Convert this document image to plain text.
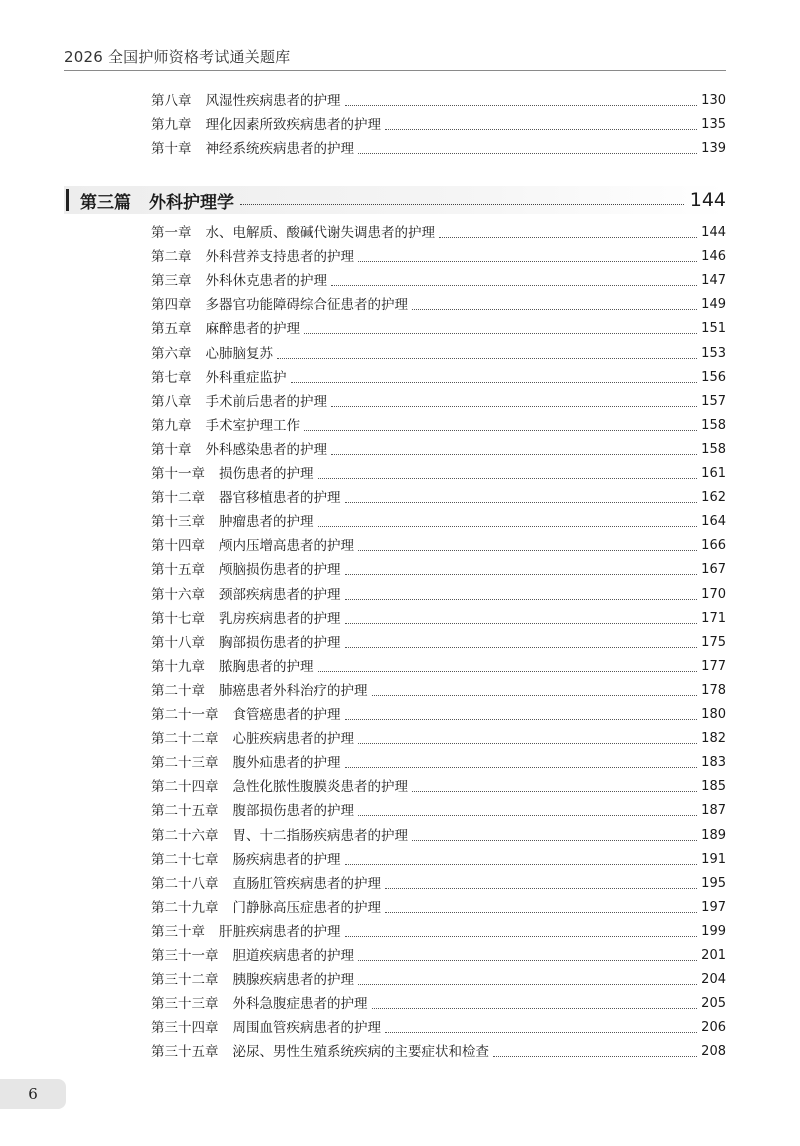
2026 全国护师资格考试通关题库
第八章 风湿性疾病患者的护理	130
第九章 理化因素所致疾病患者的护理	135
第十章 神经系统疾病患者的护理	139
第三篇 外科护理学	144
第一章 水、电解质、酸碱代谢失调患者的护理	144
第二章 外科营养支持患者的护理	146
第三章 外科休克患者的护理	147
第四章 多器官功能障碍综合征患者的护理	149
第五章 麻醉患者的护理	151
第六章 心肺脑复苏	153
第七章 外科重症监护	156
第八章 手术前后患者的护理	157
第九章 手术室护理工作	158
第十章 外科感染患者的护理	158
第十一章 损伤患者的护理	161
第十二章 器官移植患者的护理	162
第十三章 肿瘤患者的护理	164
第十四章 颅内压增高患者的护理	166
第十五章 颅脑损伤患者的护理	167
第十六章 颈部疾病患者的护理	170
第十七章 乳房疾病患者的护理	171
第十八章 胸部损伤患者的护理	175
第十九章 脓胸患者的护理	177
第二十章 肺癌患者外科治疗的护理	178
第二十一章 食管癌患者的护理	180
第二十二章 心脏疾病患者的护理	182
第二十三章 腹外疝患者的护理	183
第二十四章 急性化脓性腹膜炎患者的护理	185
第二十五章 腹部损伤患者的护理	187
第二十六章 胃、十二指肠疾病患者的护理	189
第二十七章 肠疾病患者的护理	191
第二十八章 直肠肛管疾病患者的护理	195
第二十九章 门静脉高压症患者的护理	197
第三十章 肝脏疾病患者的护理	199
第三十一章 胆道疾病患者的护理	201
第三十二章 胰腺疾病患者的护理	204
第三十三章 外科急腹症患者的护理	205
第三十四章 周围血管疾病患者的护理	206
第三十五章 泌尿、男性生殖系统疾病的主要症状和检查	208
6
